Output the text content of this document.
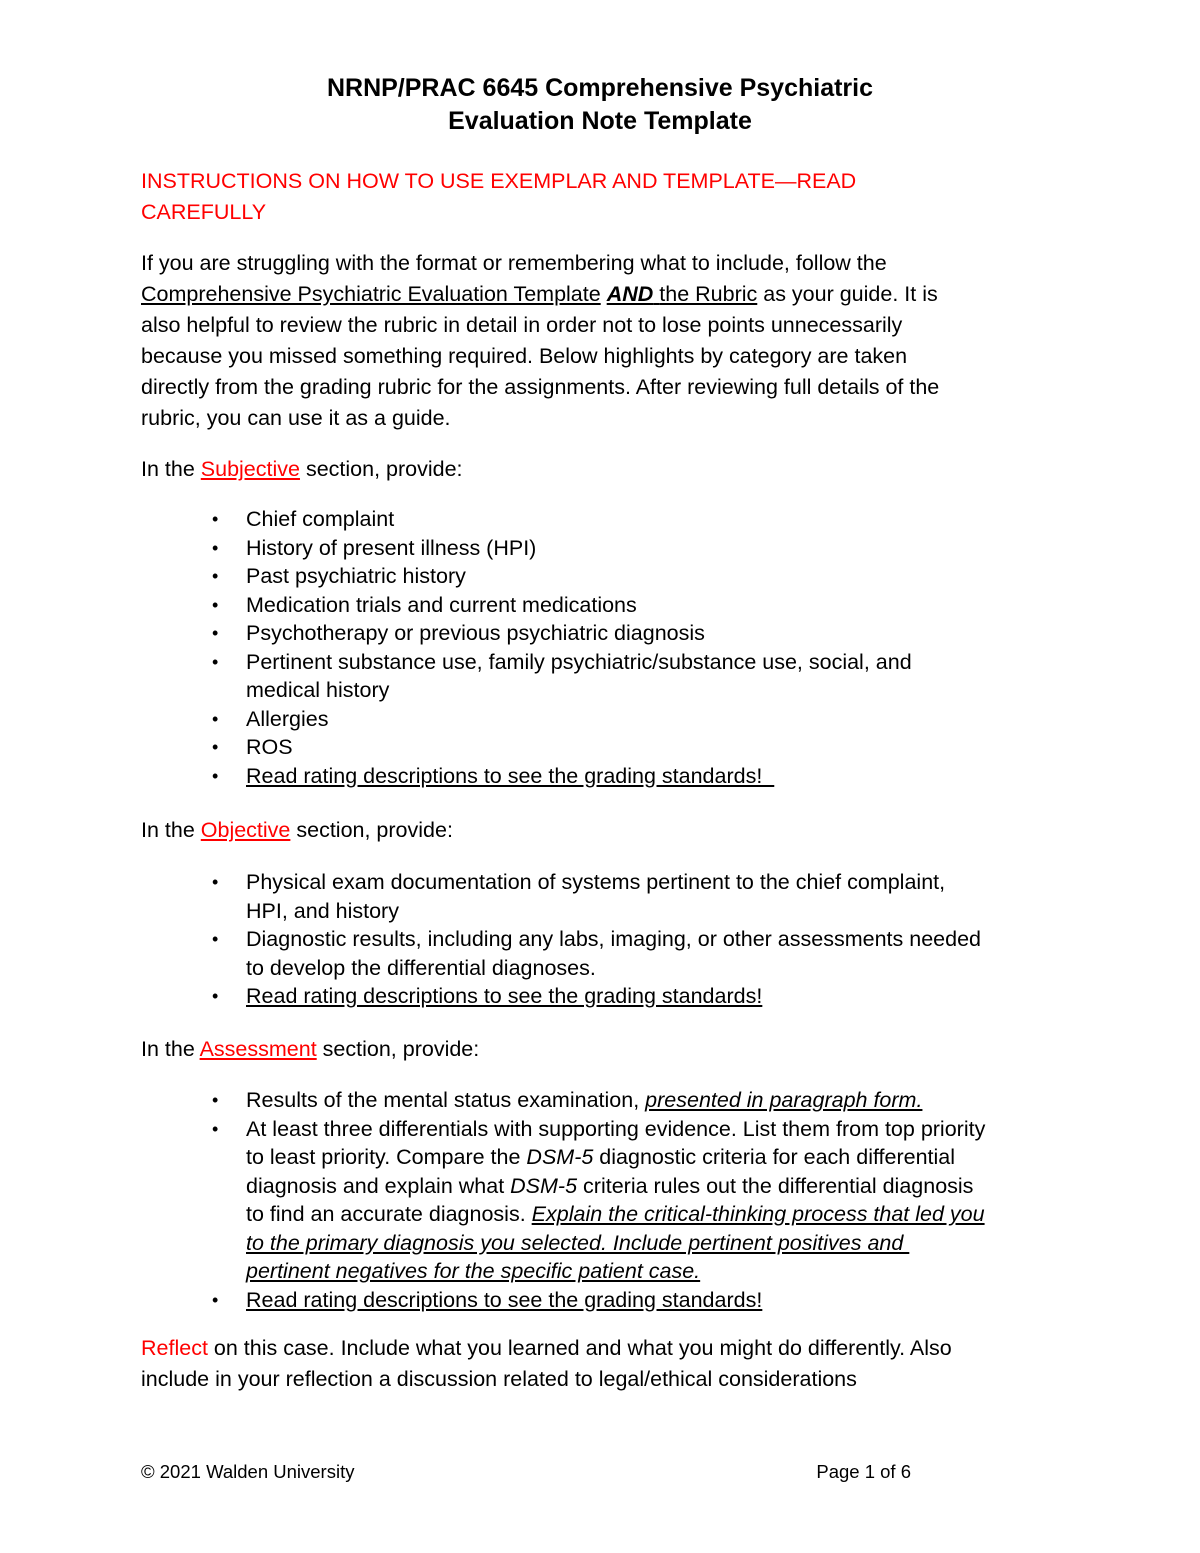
NRNP/PRAC 6645 Comprehensive Psychiatric
Evaluation Note Template
INSTRUCTIONS ON HOW TO USE EXEMPLAR AND TEMPLATE—READ
CAREFULLY
If you are struggling with the format or remembering what to include, follow the
Comprehensive Psychiatric Evaluation Template AND the Rubric as your guide. It is
also helpful to review the rubric in detail in order not to lose points unnecessarily
because you missed something required. Below highlights by category are taken
directly from the grading rubric for the assignments. After reviewing full details of the
rubric, you can use it as a guide.
In the Subjective section, provide:
• Chief complaint
• History of present illness (HPI)
• Past psychiatric history
• Medication trials and current medications
• Psychotherapy or previous psychiatric diagnosis
• Pertinent substance use, family psychiatric/substance use, social, and
medical history
• Allergies
• ROS
• Read rating descriptions to see the grading standards!
In the Objective section, provide:
• Physical exam documentation of systems pertinent to the chief complaint,
HPI, and history
• Diagnostic results, including any labs, imaging, or other assessments needed
to develop the differential diagnoses.
• Read rating descriptions to see the grading standards!
In the Assessment section, provide:
• Results of the mental status examination, presented in paragraph form.
• At least three differentials with supporting evidence. List them from top priority
to least priority. Compare the DSM-5 diagnostic criteria for each differential
diagnosis and explain what DSM-5 criteria rules out the differential diagnosis
to find an accurate diagnosis. Explain the critical-thinking process that led you
to the primary diagnosis you selected. Include pertinent positives and
pertinent negatives for the specific patient case.
• Read rating descriptions to see the grading standards!
Reflect on this case. Include what you learned and what you might do differently. Also
include in your reflection a discussion related to legal/ethical considerations
© 2021 Walden University	Page 1 of 6
